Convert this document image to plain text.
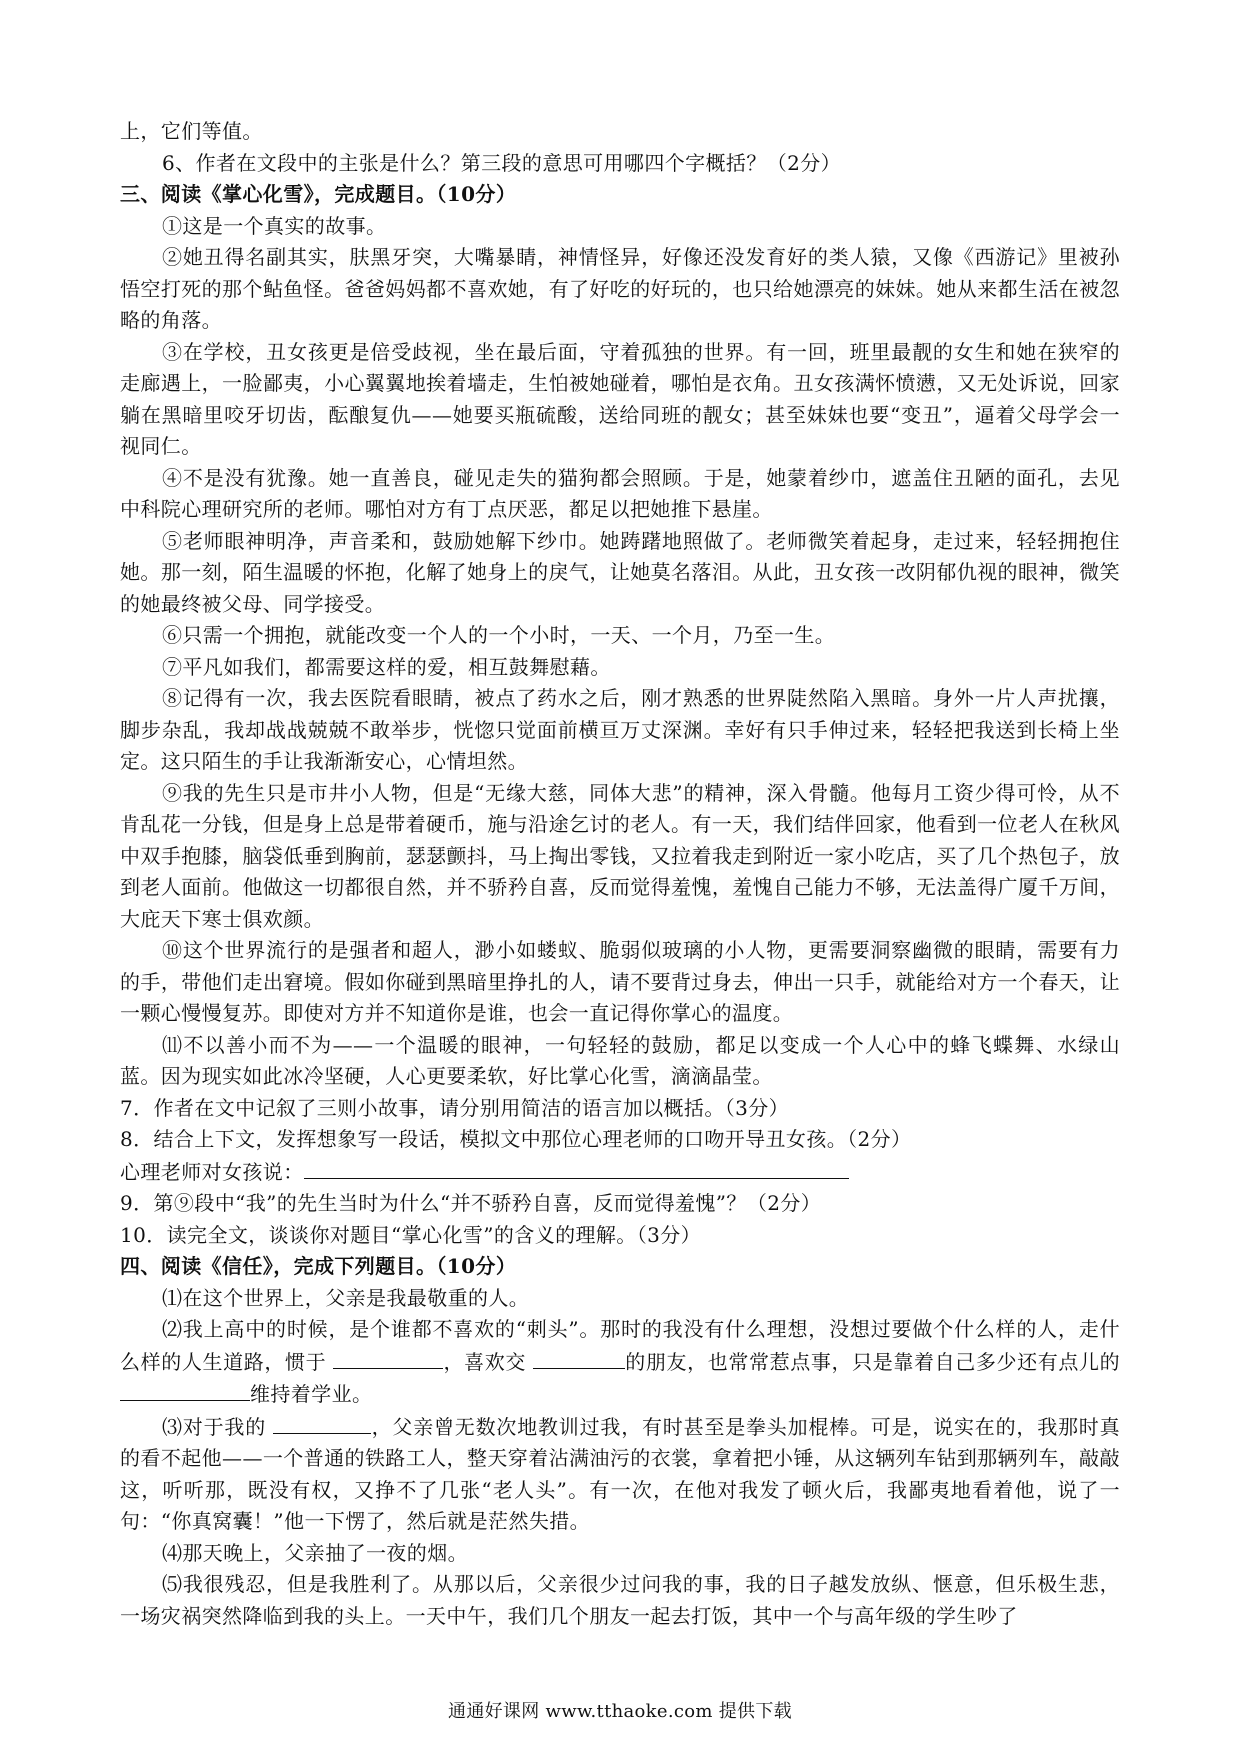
上，它们等值。

6、作者在文段中的主张是什么？第三段的意思可用哪四个字概括？（2分）

三、阅读《掌心化雪》，完成题目。（10分）

①这是一个真实的故事。

②她丑得名副其实，肤黑牙突，大嘴暴睛，神情怪异，好像还没发育好的类人猿，又像《西游记》里被孙悟空打死的那个鲇鱼怪。爸爸妈妈都不喜欢她，有了好吃的好玩的，也只给她漂亮的妹妹。她从来都生活在被忽略的角落。

③在学校，丑女孩更是倍受歧视，坐在最后面，守着孤独的世界。有一回，班里最靓的女生和她在狭窄的走廊遇上，一脸鄙夷，小心翼翼地挨着墙走，生怕被她碰着，哪怕是衣角。丑女孩满怀愤懑，又无处诉说，回家躺在黑暗里咬牙切齿，酝酿复仇——她要买瓶硫酸，送给同班的靓女；甚至妹妹也要“变丑”，逼着父母学会一视同仁。

④不是没有犹豫。她一直善良，碰见走失的猫狗都会照顾。于是，她蒙着纱巾，遮盖住丑陋的面孔，去见中科院心理研究所的老师。哪怕对方有丁点厌恶，都足以把她推下悬崖。

⑤老师眼神明净，声音柔和，鼓励她解下纱巾。她踌躇地照做了。老师微笑着起身，走过来，轻轻拥抱住她。那一刻，陌生温暖的怀抱，化解了她身上的戾气，让她莫名落泪。从此，丑女孩一改阴郁仇视的眼神，微笑的她最终被父母、同学接受。

⑥只需一个拥抱，就能改变一个人的一个小时，一天、一个月，乃至一生。

⑦平凡如我们，都需要这样的爱，相互鼓舞慰藉。

⑧记得有一次，我去医院看眼睛，被点了药水之后，刚才熟悉的世界陡然陷入黑暗。身外一片人声扰攘，脚步杂乱，我却战战兢兢不敢举步，恍惚只觉面前横亘万丈深渊。幸好有只手伸过来，轻轻把我送到长椅上坐定。这只陌生的手让我渐渐安心，心情坦然。

⑨我的先生只是市井小人物，但是“无缘大慈，同体大悲”的精神，深入骨髓。他每月工资少得可怜，从不肯乱花一分钱，但是身上总是带着硬币，施与沿途乞讨的老人。有一天，我们结伴回家，他看到一位老人在秋风中双手抱膝，脑袋低垂到胸前，瑟瑟颤抖，马上掏出零钱，又拉着我走到附近一家小吃店，买了几个热包子，放到老人面前。他做这一切都很自然，并不骄矜自喜，反而觉得羞愧，羞愧自己能力不够，无法盖得广厦千万间，大庇天下寒士俱欢颜。

⑩这个世界流行的是强者和超人，渺小如蝼蚁、脆弱似玻璃的小人物，更需要洞察幽微的眼睛，需要有力的手，带他们走出窘境。假如你碰到黑暗里挣扎的人，请不要背过身去，伸出一只手，就能给对方一个春天，让一颗心慢慢复苏。即使对方并不知道你是谁，也会一直记得你掌心的温度。

⑾不以善小而不为——一个温暖的眼神，一句轻轻的鼓励，都足以变成一个人心中的蜂飞蝶舞、水绿山蓝。因为现实如此冰冷坚硬，人心更要柔软，好比掌心化雪，滴滴晶莹。

7．作者在文中记叙了三则小故事，请分别用简洁的语言加以概括。（3分）

8．结合上下文，发挥想象写一段话，模拟文中那位心理老师的口吻开导丑女孩。（2分）

心理老师对女孩说：

9．第⑨段中“我”的先生当时为什么“并不骄矜自喜，反而觉得羞愧”？（2分）

10．读完全文，谈谈你对题目“掌心化雪”的含义的理解。（3分）

四、阅读《信任》，完成下列题目。（10分）

⑴在这个世界上，父亲是我最敬重的人。

⑵我上高中的时候，是个谁都不喜欢的“刺头”。那时的我没有什么理想，没想过要做个什么样的人，走什么样的人生道路，惯于	，喜欢交	的朋友，也常常惹点事，只是靠着自己多少还有点儿的 维持着学业。

⑶对于我的	，父亲曾无数次地教训过我，有时甚至是拳头加棍棒。可是，说实在的，我那时真的看不起他——一个普通的铁路工人，整天穿着沾满油污的衣裳，拿着把小锤，从这辆列车钻到那辆列车，敲敲这，听听那，既没有权，又挣不了几张“老人头”。有一次，在他对我发了顿火后，我鄙夷地看着他，说了一句：“你真窝囊！”他一下愣了，然后就是茫然失措。

⑷那天晚上，父亲抽了一夜的烟。

⑸我很残忍，但是我胜利了。从那以后，父亲很少过问我的事，我的日子越发放纵、惬意，但乐极生悲，一场灾祸突然降临到我的头上。一天中午，我们几个朋友一起去打饭，其中一个与高年级的学生吵了

通通好课网 www.tthaoke.com 提供下载
